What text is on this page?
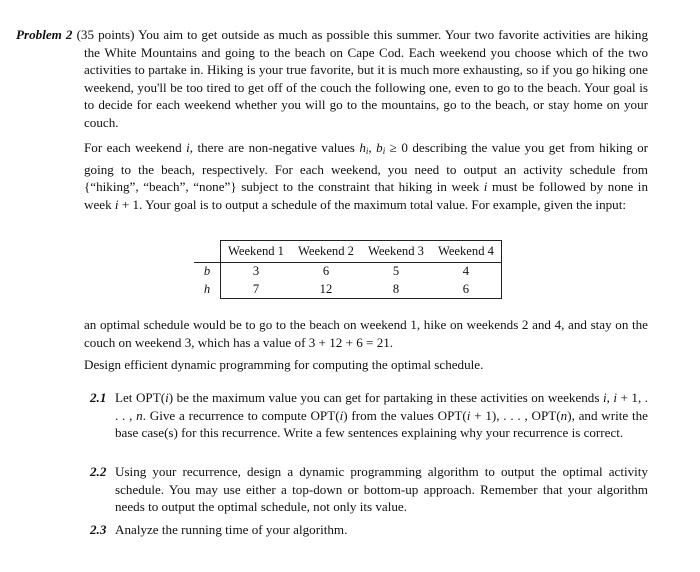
Problem 2 (35 points) You aim to get outside as much as possible this summer. Your two favorite activities are hiking the White Mountains and going to the beach on Cape Cod. Each weekend you choose which of the two activities to partake in. Hiking is your true favorite, but it is much more exhausting, so if you go hiking one weekend, you'll be too tired to get off of the couch the following one, even to go to the beach. Your goal is to decide for each weekend whether you will go to the mountains, go to the beach, or stay home on your couch.
For each weekend i, there are non-negative values $h_i$, $b_i \ge 0$ describing the value you get from hiking or going to the beach, respectively. For each weekend, you need to output an activity schedule from {“hiking”, “beach”, “none”} subject to the constraint that hiking in week i must be followed by none in week i + 1. Your goal is to output a schedule of the maximum total value. For example, given the input:
	Weekend 1	Weekend 2	Weekend 3	Weekend 4
b	3	6	5	4
h	7	12	8	6
an optimal schedule would be to go to the beach on weekend 1, hike on weekends 2 and 4, and stay on the couch on weekend 3, which has a value of 3 + 12 + 6 = 21.
Design efficient dynamic programming for computing the optimal schedule.
2.1 Let OPT(i) be the maximum value you can get for partaking in these activities on weekends i, i + 1, . . . , n. Give a recurrence to compute OPT(i) from the values OPT(i + 1), . . . , OPT(n), and write the base case(s) for this recurrence. Write a few sentences explaining why your recurrence is correct.
2.2 Using your recurrence, design a dynamic programming algorithm to output the optimal activity schedule. You may use either a top-down or bottom-up approach. Remember that your algorithm needs to output the optimal schedule, not only its value.
2.3 Analyze the running time of your algorithm.
